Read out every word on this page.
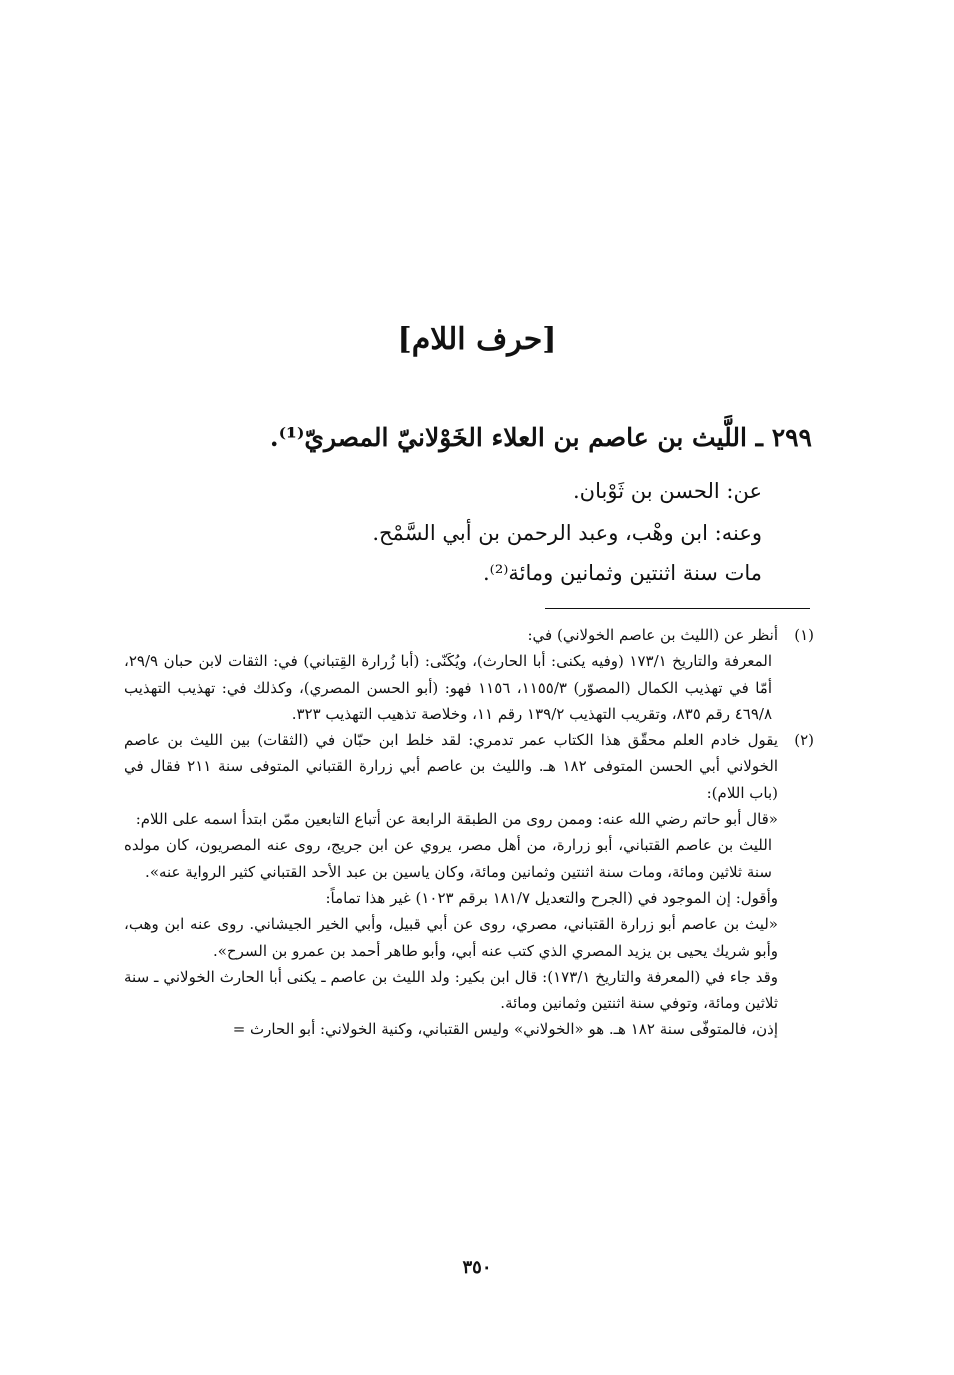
[حرف اللام]
٢٩٩ ـ اللَّيث بن عاصم بن العلاء الخَوْلانيّ المصريّ⁽¹⁾.
عن: الحسن بن ثَوْبان.
وعنه: ابن وهْب، وعبد الرحمن بن أبي السَّمْح.
مات سنة اثنتين وثمانين ومائة⁽²⁾.
(١)

أنظر عن (الليث بن عاصم الخولاني) في:

المعرفة والتاريخ ١٧٣/١ (وفيه يكنى: أبا الحارث)، ويُكَنّى: (أبا زُرارة القِتباني) في: الثقات لابن حبان ٢٩/٩، أمّا في تهذيب الكمال (المصوّر) ١١٥٥/٣، ١١٥٦ فهو: (أبو الحسن المصري)، وكذلك في: تهذيب التهذيب ٤٦٩/٨ رقم ٨٣٥، وتقريب التهذيب ١٣٩/٢ رقم ١١، وخلاصة تذهيب التهذيب ٣٢٣.

(٢)

يقول خادم العلم محقّق هذا الكتاب عمر تدمري: لقد خلط ابن حبّان في (الثقات) بين الليث بن عاصم الخولاني أبي الحسن المتوفى ١٨٢ هـ. والليث بن عاصم أبي زرارة القتباني المتوفى سنة ٢١١ فقال في (باب اللام):

«قال أبو حاتم رضي الله عنه: وممن روى من الطبقة الرابعة عن أتباع التابعين ممّن ابتدأ اسمه على اللام:

الليث بن عاصم القتباني، أبو زرارة، من أهل مصر، يروي عن ابن جريج، روى عنه المصريون، كان مولده سنة ثلاثين ومائة، ومات سنة اثنتين وثمانين ومائة، وكان ياسين بن عبد الأحد القتباني كثير الرواية عنه».

وأقول: إن الموجود في (الجرح والتعديل ١٨١/٧ برقم ١٠٢٣) غير هذا تماماً:

«ليث بن عاصم أبو زرارة القتباني، مصري، روى عن أبي قبيل، وأبي الخير الجيشاني. روى عنه ابن وهب، وأبو شريك يحيى بن يزيد المصري الذي كتب عنه أبي، وأبو طاهر أحمد بن عمرو بن السرح».

وقد جاء في (المعرفة والتاريخ ١٧٣/١): قال ابن بكير: ولد الليث بن عاصم ـ يكنى أبا الحارث الخولاني ـ سنة ثلاثين ومائة، وتوفي سنة اثنتين وثمانين ومائة.

إذن، فالمتوفّى سنة ١٨٢ هـ. هو «الخولاني» وليس القتباني، وكنية الخولاني: أبو الحارث =

٣٥٠
